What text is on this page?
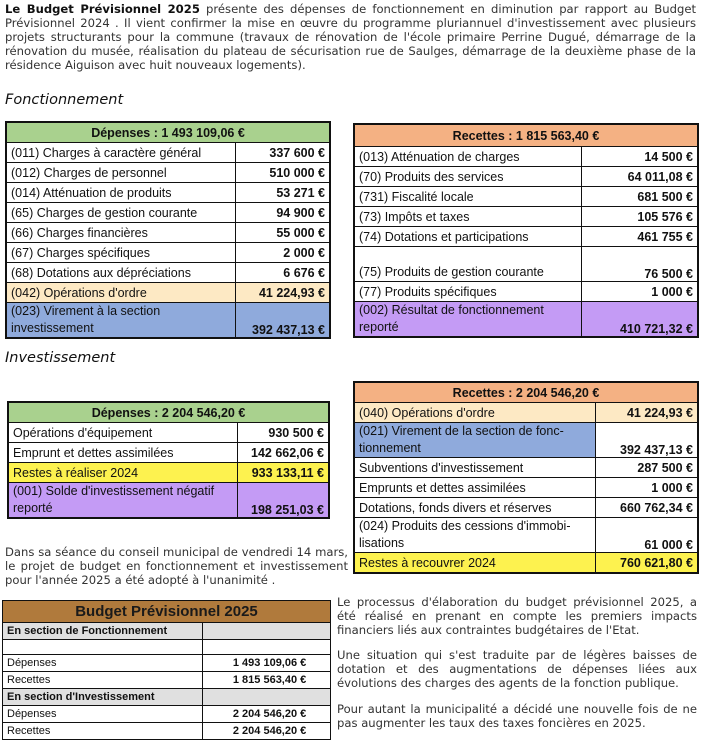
Le Budget Prévisionnel 2025 présente des dépenses de fonctionnement en diminution par rapport au Budget Prévisionnel 2024 . Il vient confirmer la mise en œuvre du programme pluriannuel d'investissement avec plusieurs projets structurants pour la commune (travaux de rénovation de l'école primaire Perrine Dugué, démarrage de la rénovation du musée, réalisation du plateau de sécurisation rue de Saulges, démarrage de la deuxième phase de la résidence Aiguison avec huit nouveaux logements).

Fonctionnement

Dépenses : 1 493 109,06 €	
(011) Charges à caractère général	337 600 €
(012) Charges de personnel	510 000 €
(014) Atténuation de produits	53 271 €
(65) Charges de gestion courante	94 900 €
(66) Charges financières	55 000 €
(67) Charges spécifiques	2 000 €
(68) Dotations aux dépréciations	6 676 €
(042) Opérations d'ordre	41 224,93 €
(023) Virement à la section investissement	392 437,13 €
Recettes : 1 815 563,40 €	
(013) Atténuation de charges	14 500 €
(70) Produits des services	64 011,08 €
(731) Fiscalité locale	681 500 €
(73) Impôts et taxes	105 576 €
(74) Dotations et participations	461 755 €
(75) Produits de gestion courante	76 500 €
(77) Produits spécifiques	1 000 €
(002) Résultat de fonctionnement reporté	410 721,32 €

Investissement

Dépenses : 2 204 546,20 €	
Opérations d'équipement	930 500 €
Emprunt et dettes assimilées	142 662,06 €
Restes à réaliser 2024	933 133,11 €
(001) Solde d'investissement négatif reporté	198 251,03 €
Recettes : 2 204 546,20 €	
(040) Opérations d'ordre	41 224,93 €
(021) Virement de la section de fonc-tionnement	392 437,13 €
Subventions d'investissement	287 500 €
Emprunts et dettes assimilées	1 000 €
Dotations, fonds divers et réserves	660 762,34 €
(024) Produits des cessions d'immobi-lisations	61 000 €
Restes à recouvrer 2024	760 621,80 €

Dans sa séance du conseil municipal de vendredi 14 mars, le projet de budget en fonctionnement et investissement pour l'année 2025 a été adopté à l'unanimité .

Budget Prévisionnel 2025	
En section de Fonctionnement	

Dépenses	1 493 109,06 €
Recettes	1 815 563,40 €
En section d'Investissement	
Dépenses	2 204 546,20 €
Recettes	2 204 546,20 €

Le processus d'élaboration du budget prévisionnel 2025, a été réalisé en prenant en compte les premiers impacts financiers liés aux contraintes budgétaires de l'Etat.

Une situation qui s'est traduite par de légères baisses de dotation et des augmentations de dépenses liées aux évolutions des charges des agents de la fonction publique.

Pour autant la municipalité a décidé une nouvelle fois de ne pas augmenter les taux des taxes foncières en 2025.
